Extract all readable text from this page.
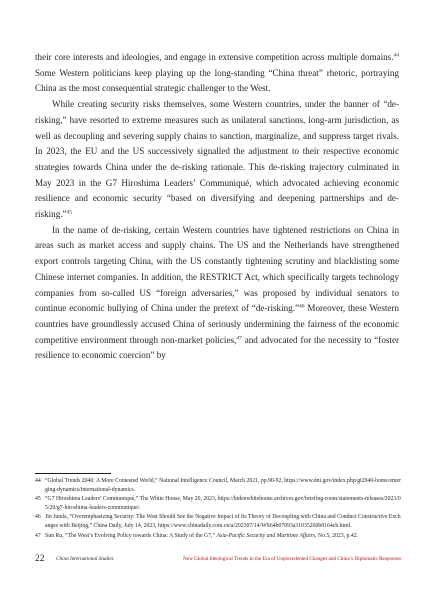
their core interests and ideologies, and engage in extensive competition across multiple domains.$^{44}$ Some Western politicians keep playing up the long-standing “China threat” rhetoric, portraying China as the most consequential strategic challenger to the West.

While creating security risks themselves, some Western countries, under the banner of “de-risking,” have resorted to extreme measures such as unilateral sanctions, long-arm jurisdiction, as well as decoupling and severing supply chains to sanction, marginalize, and suppress target rivals. In 2023, the EU and the US successively signalled the adjustment to their respective economic strategies towards China under the de-risking rationale. This de-risking trajectory culminated in May 2023 in the G7 Hiroshima Leaders’ Communiqué, which advocated achieving economic resilience and economic security “based on diversifying and deepening partnerships and de-risking.”$^{45}$

In the name of de-risking, certain Western countries have tightened restrictions on China in areas such as market access and supply chains. The US and the Netherlands have strengthened export controls targeting China, with the US constantly tightening scrutiny and blacklisting some Chinese internet companies. In addition, the RESTRICT Act, which specifically targets technology companies from so-called US “foreign adversaries,” was proposed by individual senators to continue economic bullying of China under the pretext of “de-risking.”$^{46}$ Moreover, these Western countries have groundlessly accused China of seriously undermining the fairness of the economic competitive environment through non-market policies,$^{47}$ and advocated for the necessity to “foster resilience to economic coercion” by

44 “Global Trends 2040: A More Contested World,” National Intelligence Council, March 2021, pp.90-92, https://www.dni.gov/index.php/gt2040-home/emerging-dynamics/international-dynamics.

45 “G7 Hiroshima Leaders’ Communiqué,” The White House, May 20, 2023, https://bidenwhitehouse.archives.gov/briefing-room/statements-releases/2023/05/20/g7-hiroshima-leaders-communique/.

46 Jin Junda, “Overemphasizing Security: The West Should See the Negative Impact of Its Theory of Decoupling with China and Conduct Constructive Exchanges with Beijing,” China Daily, July 14, 2023, https://www.chinadaily.com.cn/a/202307/14/WS64b07093a31035260b8164cb.html.

47 Sun Ru, “The West’s Evolving Policy towards China: A Study of the G7,” Asia-Pacific Security and Maritime Affairs, No.5, 2023, p.42.

22 China International Studies	New Global Ideological Trends in the Era of Unprecedented Changes and China’s Diplomatic Responses
